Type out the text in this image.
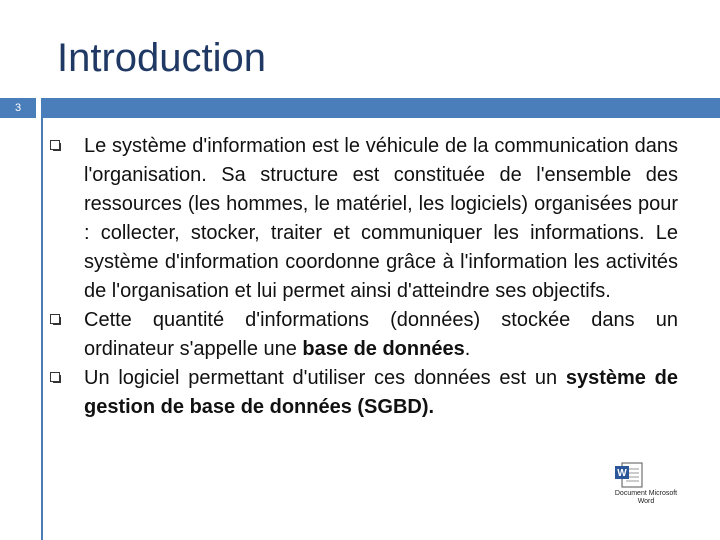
Introduction
3

Le système d'information est le véhicule de la communication dans l'organisation. Sa structure est constituée de l'ensemble des ressources (les hommes, le matériel, les logiciels) organisées pour : collecter, stocker, traiter et communiquer les informations. Le système d'information coordonne grâce à l'information les activités de l'organisation et lui permet ainsi d'atteindre ses objectifs.

Cette quantité d'informations (données) stockée dans un ordinateur s'appelle une base de données.

Un logiciel permettant d'utiliser ces données est un système de gestion de base de données (SGBD).

W
Document Microsoft
Word
